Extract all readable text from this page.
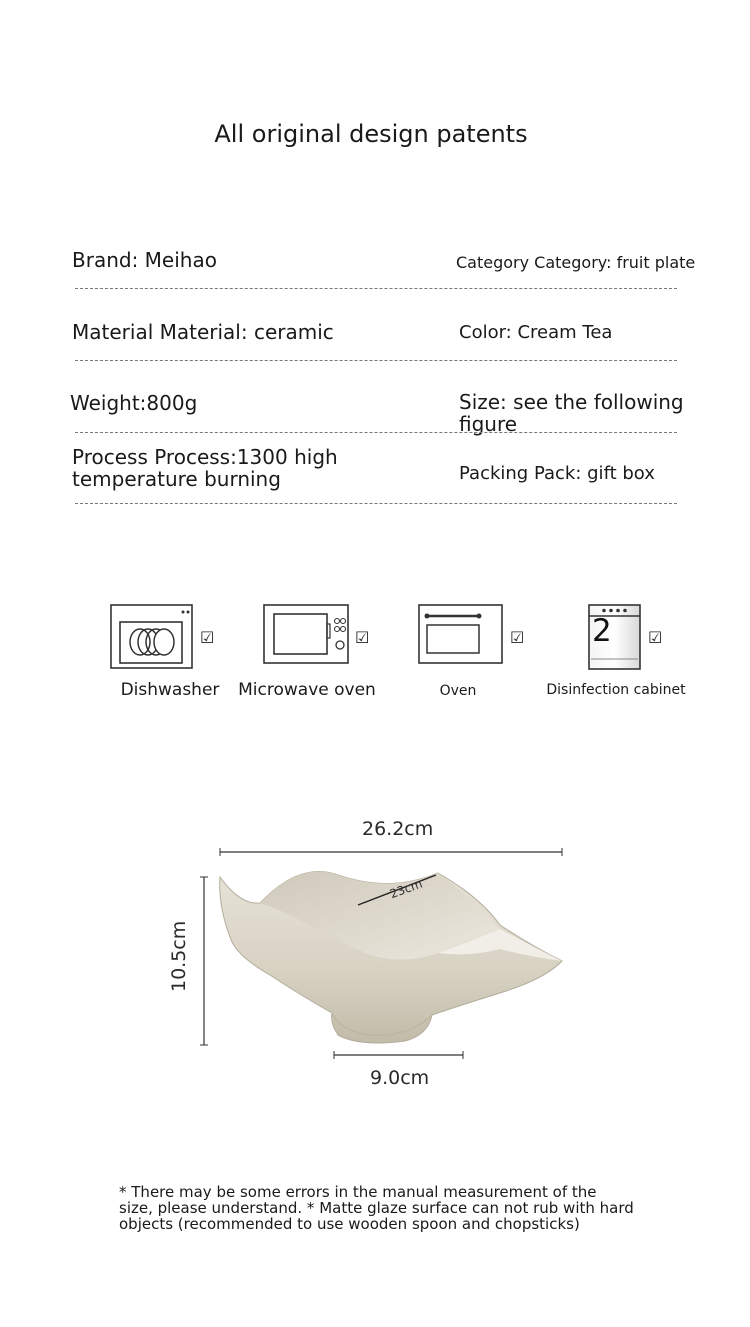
All original design patents
Brand: Meihao	Category Category: fruit plate
Material Material: ceramic	Color: Cream Tea
Weight:800g	Size: see the following
figure
Process Process:1300 high
temperature burning	Packing Pack: gift box
☑
Dishwasher
☑
Microwave oven
☑
Oven
2 ☑
Disinfection cabinet
26.2cm
23cm
10.5cm
9.0cm
* There may be some errors in the manual measurement of the
size, please understand. * Matte glaze surface can not rub with hard
objects (recommended to use wooden spoon and chopsticks)
